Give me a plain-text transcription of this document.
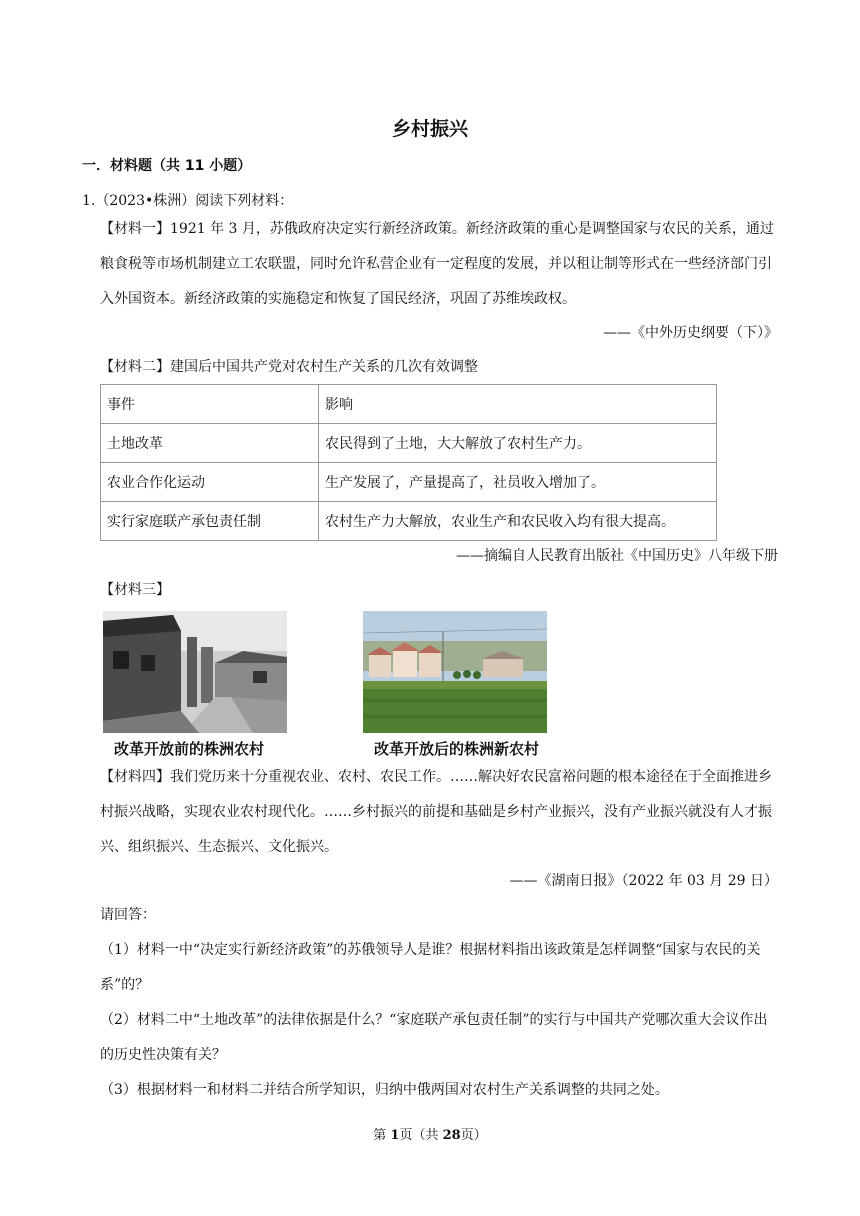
乡村振兴
一．材料题（共 11 小题）
1.（2023•株洲）阅读下列材料：
【材料一】1921 年 3 月，苏俄政府决定实行新经济政策。新经济政策的重心是调整国家与农民的关系，通过粮食税等市场机制建立工农联盟，同时允许私营企业有一定程度的发展，并以租让制等形式在一些经济部门引入外国资本。新经济政策的实施稳定和恢复了国民经济，巩固了苏维埃政权。
——《中外历史纲要（下）》
【材料二】建国后中国共产党对农村生产关系的几次有效调整
事件	影响
土地改革	农民得到了土地，大大解放了农村生产力。
农业合作化运动	生产发展了，产量提高了，社员收入增加了。
实行家庭联产承包责任制	农村生产力大解放，农业生产和农民收入均有很大提高。
——摘编自人民教育出版社《中国历史》八年级下册
【材料三】
改革开放前的株洲农村	改革开放后的株洲新农村
【材料四】我们党历来十分重视农业、农村、农民工作。……解决好农民富裕问题的根本途径在于全面推进乡村振兴战略，实现农业农村现代化。……乡村振兴的前提和基础是乡村产业振兴，没有产业振兴就没有人才振兴、组织振兴、生态振兴、文化振兴。
——《湖南日报》（2022 年 03 月 29 日）
请回答：
（1）材料一中“决定实行新经济政策”的苏俄领导人是谁？根据材料指出该政策是怎样调整“国家与农民的关系”的？
（2）材料二中“土地改革”的法律依据是什么？“家庭联产承包责任制”的实行与中国共产党哪次重大会议作出的历史性决策有关？
（3）根据材料一和材料二并结合所学知识，归纳中俄两国对农村生产关系调整的共同之处。
第 1页（共 28页）
